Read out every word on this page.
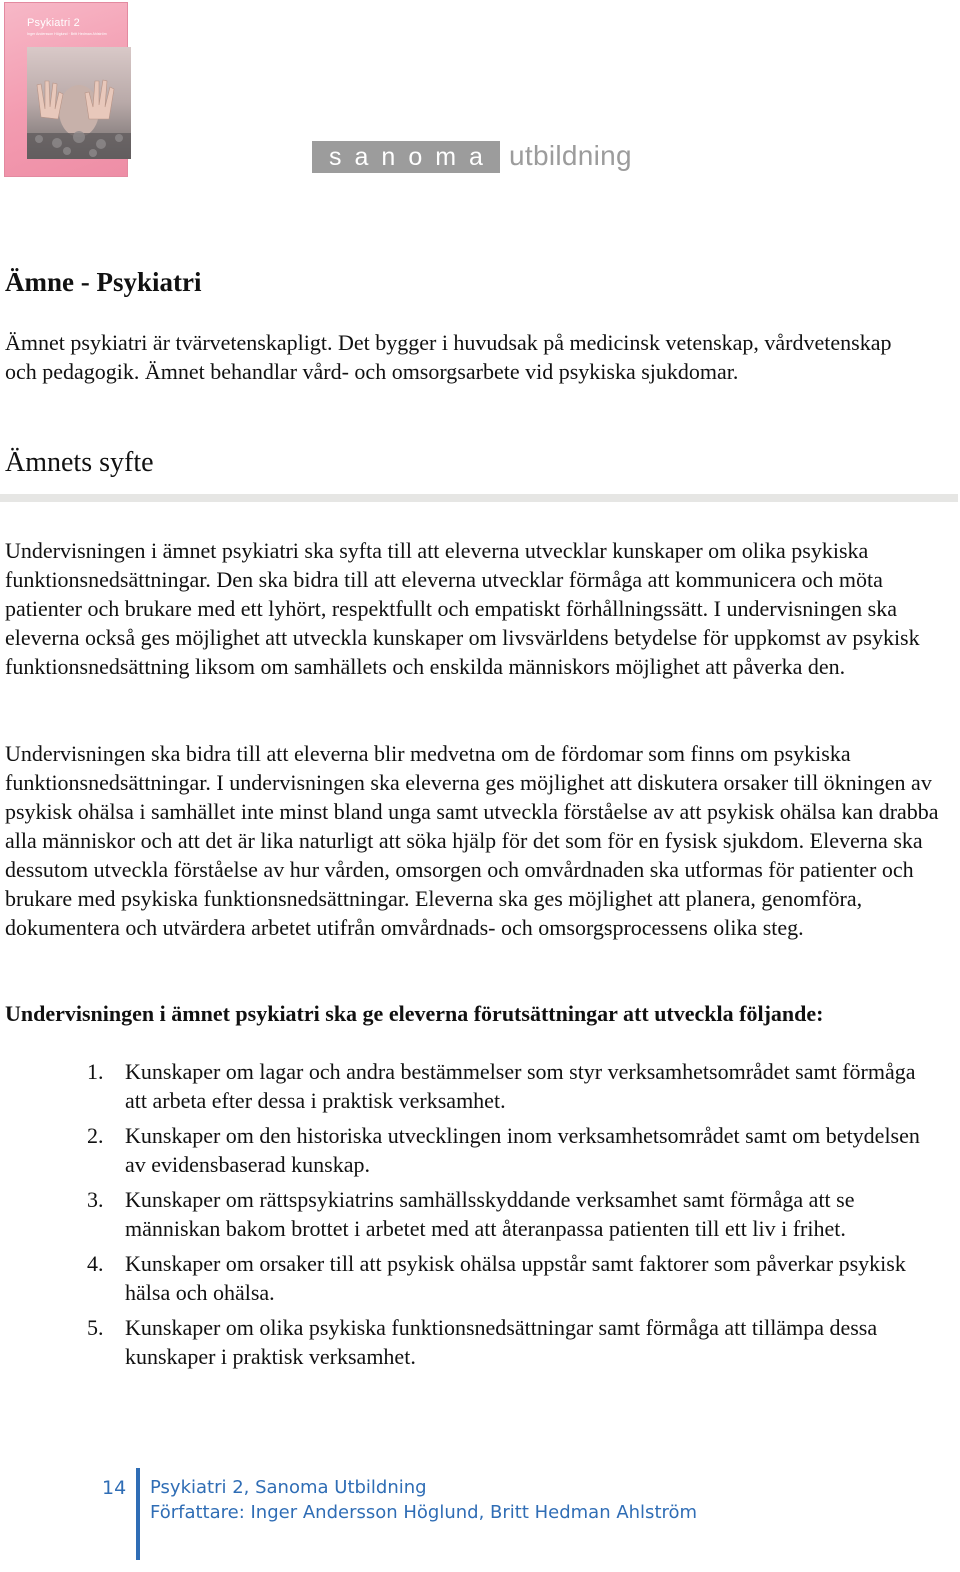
Psykiatri 2
Inger Andersson Höglund · Britt Hedman Ahlström
sanoma utbildning
Ämne - Psykiatri

Ämnet psykiatri är tvärvetenskapligt. Det bygger i huvudsak på medicinsk vetenskap, vårdvetenskap och pedagogik. Ämnet behandlar vård- och omsorgsarbete vid psykiska sjukdomar.

Ämnets syfte

Undervisningen i ämnet psykiatri ska syfta till att eleverna utvecklar kunskaper om olika psykiska funktionsnedsättningar. Den ska bidra till att eleverna utvecklar förmåga att kommunicera och möta patienter och brukare med ett lyhört, respektfullt och empatiskt förhållningssätt. I undervisningen ska eleverna också ges möjlighet att utveckla kunskaper om livsvärldens betydelse för uppkomst av psykisk funktionsnedsättning liksom om samhällets och enskilda människors möjlighet att påverka den.

Undervisningen ska bidra till att eleverna blir medvetna om de fördomar som finns om psykiska funktionsnedsättningar. I undervisningen ska eleverna ges möjlighet att diskutera orsaker till ökningen av psykisk ohälsa i samhället inte minst bland unga samt utveckla förståelse av att psykisk ohälsa kan drabba alla människor och att det är lika naturligt att söka hjälp för det som för en fysisk sjukdom. Eleverna ska dessutom utveckla förståelse av hur vården, omsorgen och omvårdnaden ska utformas för patienter och brukare med psykiska funktionsnedsättningar. Eleverna ska ges möjlighet att planera, genomföra, dokumentera och utvärdera arbetet utifrån omvårdnads- och omsorgsprocessens olika steg.

Undervisningen i ämnet psykiatri ska ge eleverna förutsättningar att utveckla följande:

1. Kunskaper om lagar och andra bestämmelser som styr verksamhetsområdet samt förmåga att arbeta efter dessa i praktisk verksamhet.
2. Kunskaper om den historiska utvecklingen inom verksamhetsområdet samt om betydelsen av evidensbaserad kunskap.
3. Kunskaper om rättspsykiatrins samhällsskyddande verksamhet samt förmåga att se människan bakom brottet i arbetet med att återanpassa patienten till ett liv i frihet.
4. Kunskaper om orsaker till att psykisk ohälsa uppstår samt faktorer som påverkar psykisk hälsa och ohälsa.
5. Kunskaper om olika psykiska funktionsnedsättningar samt förmåga att tillämpa dessa kunskaper i praktisk verksamhet.
14 Psykiatri 2, Sanoma Utbildning
Författare: Inger Andersson Höglund, Britt Hedman Ahlström
